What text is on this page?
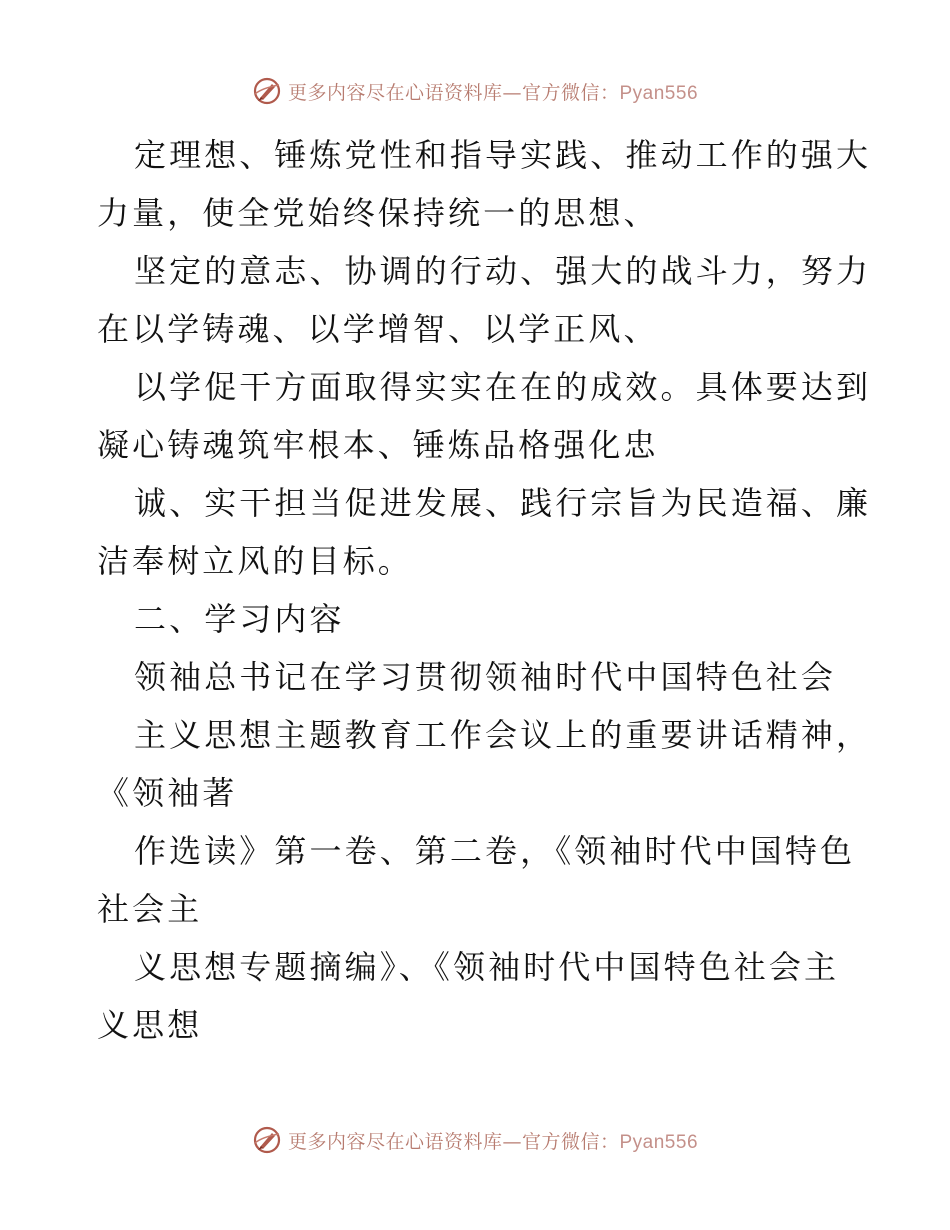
更多内容尽在心语资料库—官方微信：Pyan556
定理想、锤炼党性和指导实践、推动工作的强大
力量，使全党始终保持统一的思想、
坚定的意志、协调的行动、强大的战斗力，努力
在以学铸魂、以学增智、以学正风、
以学促干方面取得实实在在的成效。具体要达到
凝心铸魂筑牢根本、锤炼品格强化忠
诚、实干担当促进发展、践行宗旨为民造福、廉
洁奉树立风的目标。
二、学习内容
领袖总书记在学习贯彻领袖时代中国特色社会
主义思想主题教育工作会议上的重要讲话精神，
《领袖著
作选读》第一卷、第二卷，《领袖时代中国特色
社会主
义思想专题摘编》、《领袖时代中国特色社会主
义思想
更多内容尽在心语资料库—官方微信：Pyan556
